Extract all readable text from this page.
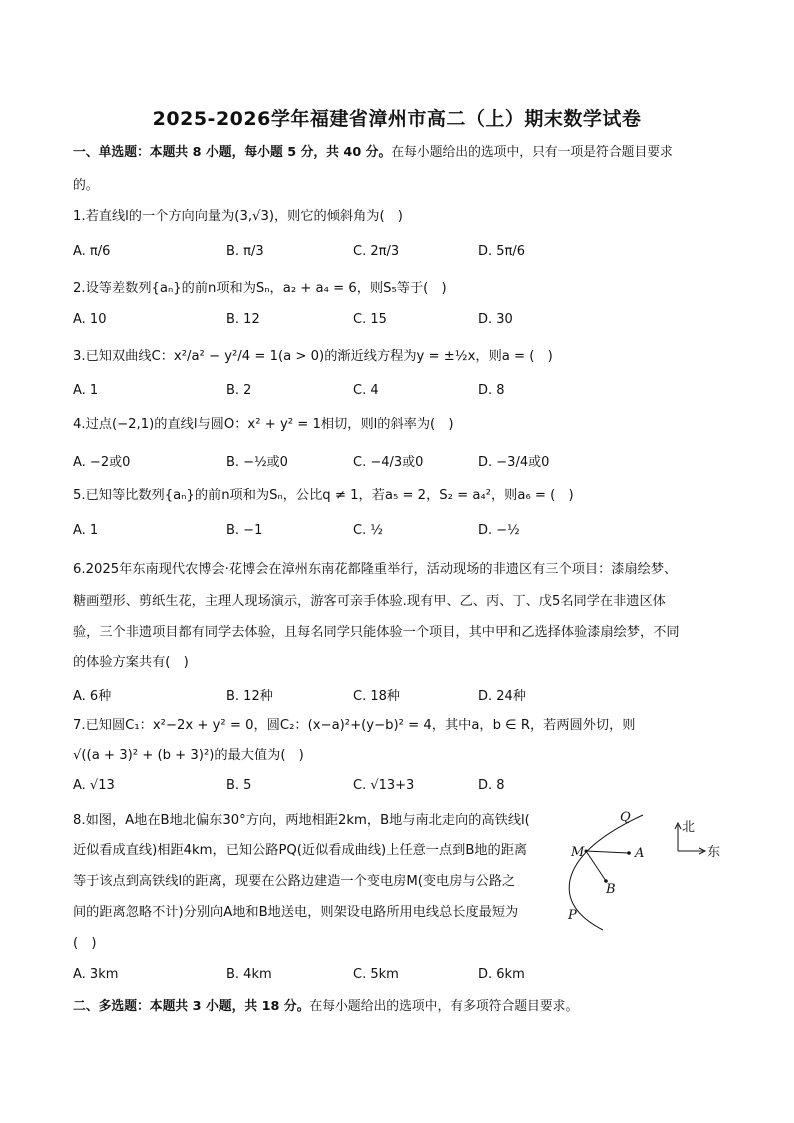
2025-2026学年福建省漳州市高二（上）期末数学试卷
一、单选题：本题共 8 小题，每小题 5 分，共 40 分。在每小题给出的选项中，只有一项是符合题目要求
的。
1.若直线l的一个方向向量为(3,√3)，则它的倾斜角为(　)
A. π/6	B. π/3	C. 2π/3	D. 5π/6
2.设等差数列{aₙ}的前n项和为Sₙ，a₂ + a₄ = 6，则S₅等于(　)
A. 10	B. 12	C. 15	D. 30
3.已知双曲线C：x²/a² − y²/4 = 1(a > 0)的渐近线方程为y = ±½x，则a = (　)
A. 1	B. 2	C. 4	D. 8
4.过点(−2,1)的直线l与圆O：x² + y² = 1相切，则l的斜率为(　)
A. −2或0	B. −½或0	C. −4/3或0	D. −3/4或0
5.已知等比数列{aₙ}的前n项和为Sₙ，公比q ≠ 1，若a₅ = 2，S₂ = a₄²，则a₆ = (　)
A. 1	B. −1	C. ½	D. −½
6.2025年东南现代农博会·花博会在漳州东南花都隆重举行，活动现场的非遗区有三个项目：漆扇绘梦、
糖画塑形、剪纸生花，主理人现场演示，游客可亲手体验.现有甲、乙、丙、丁、戊5名同学在非遗区体
验，三个非遗项目都有同学去体验，且每名同学只能体验一个项目，其中甲和乙选择体验漆扇绘梦，不同
的体验方案共有(　)
A. 6种	B. 12种	C. 18种	D. 24种
7.已知圆C₁：x²−2x + y² = 0，圆C₂：(x−a)²+(y−b)² = 4，其中a，b ∈ R，若两圆外切，则
√((a + 3)² + (b + 3)²)的最大值为(　)
A. √13	B. 5	C. √13+3	D. 8
8.如图，A地在B地北偏东30°方向，两地相距2km，B地与南北走向的高铁线l(
近似看成直线)相距4km，已知公路PQ(近似看成曲线)上任意一点到B地的距离
等于该点到高铁线l的距离，现要在公路边建造一个变电房M(变电房与公路之
间的距离忽略不计)分别向A地和B地送电，则架设电路所用电线总长度最短为
(　)
Q
M	A
B
P
北
东
A. 3km	B. 4km	C. 5km	D. 6km
二、多选题：本题共 3 小题，共 18 分。在每小题给出的选项中，有多项符合题目要求。
